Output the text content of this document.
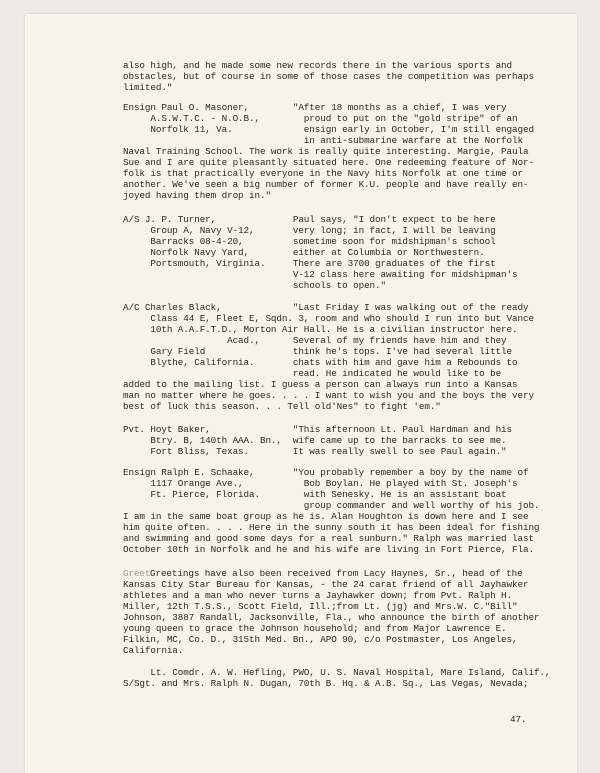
also high, and he made some new records there in the various sports and
obstacles, but of course in some of those cases the competition was perhaps
limited."
Ensign Paul O. Masoner,        "After 18 months as a chief, I was very
A.S.W.T.C. - N.O.B.,        proud to put on the "gold stripe" of an
Norfolk 11, Va.             ensign early in October, I'm still engaged
in anti-submarine warfare at the Norfolk
Naval Training School. The work is really quite interesting. Margie, Paula
Sue and I are quite pleasantly situated here. One redeeming feature of Nor-
folk is that practically everyone in the Navy hits Norfolk at one time or
another. We've seen a big number of former K.U. people and have really en-
joyed having them drop in."
A/S J. P. Turner,              Paul says, "I don't expect to be here
Group A, Navy V-12,       very long; in fact, I will be leaving
Barracks 08-4-20,         sometime soon for midshipman's school
Norfolk Navy Yard,        either at Columbia or Northwestern.
Portsmouth, Virginia.     There are 3700 graduates of the first
V-12 class here awaiting for midshipman's
schools to open."
A/C Charles Black,             "Last Friday I was walking out of the ready
Class 44 E, Fleet E, Sqdn. 3, room and who should I run into but Vance
10th A.A.F.T.D., Morton Air Hall. He is a civilian instructor here.
Acad.,      Several of my friends have him and they
Gary Field                think he's tops. I've had several little
Blythe, California.       chats with him and gave him a Rebounds to
read. He indicated he would like to be
added to the mailing list. I guess a person can always run into a Kansas
man no matter where he goes. . . . I want to wish you and the boys the very
best of luck this season. . . Tell old'Nes" to fight 'em."
Pvt. Hoyt Baker,               "This afternoon Lt. Paul Hardman and his
Btry. B, 140th AAA. Bn.,  wife came up to the barracks to see me.
Fort Bliss, Texas.        It was really swell to see Paul again."
Ensign Ralph E. Schaake,       "You probably remember a boy by the name of
1117 Orange Ave.,           Bob Boylan. He played with St. Joseph's
Ft. Pierce, Florida.        with Senesky. He is an assistant boat
group commander and well worthy of his job.
I am in the same boat group as he is. Alan Houghton is down here and I see
him quite often. . . . Here in the sunny south it has been ideal for fishing
and swimming and good some days for a real sunburn." Ralph was married last
October 10th in Norfolk and he and his wife are living in Fort Pierce, Fla.
Greet Greetings have also been received from Lacy Haynes, Sr., head of the
Kansas City Star Bureau for Kansas, - the 24 carat friend of all Jayhawker
athletes and a man who never turns a Jayhawker down; from Pvt. Ralph H.
Miller, 12th T.S.S., Scott Field, Ill.;from Lt. (jg) and Mrs.W. C."Bill"
Johnson, 3887 Randall, Jacksonville, Fla., who announce the birth of another
young queen to grace the Johnson household; and from Major Lawrence E.
Filkin, MC, Co. D., 315th Med. Bn., APO 90, c/o Postmaster, Los Angeles,
California.
Lt. Comdr. A. W. Hefling, PWO, U. S. Naval Hospital, Mare Island, Calif.,
S/Sgt. and Mrs. Ralph N. Dugan, 70th B. Hq. & A.B. Sq., Las Vegas, Nevada;
47.
